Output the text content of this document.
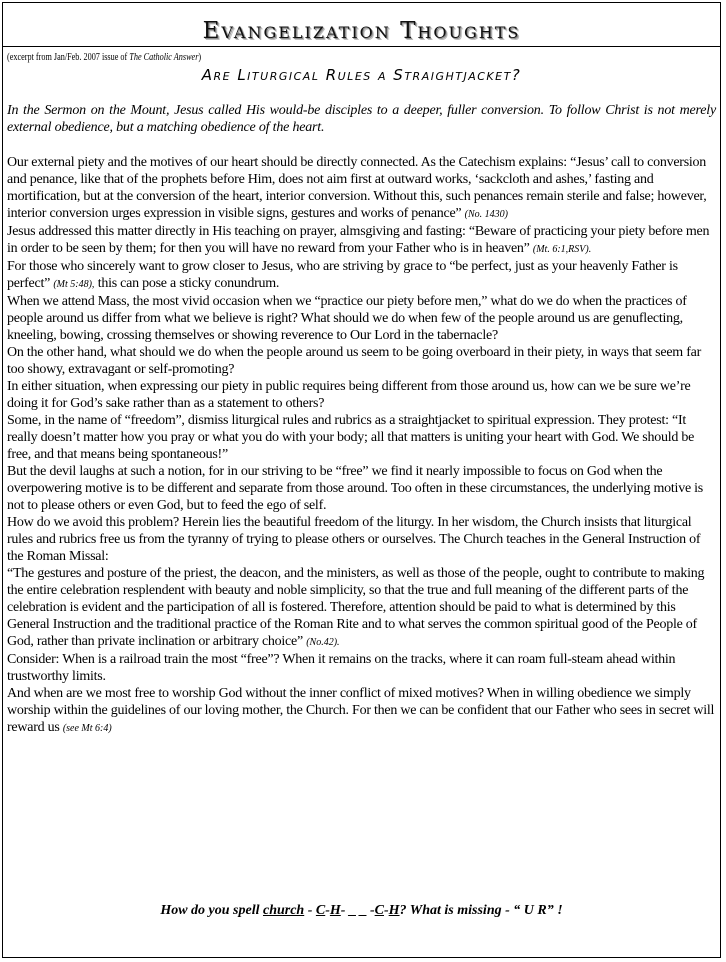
Evangelization Thoughts
(excerpt from Jan/Feb. 2007 issue of The Catholic Answer)
Are Liturgical Rules a Straightjacket?

In the Sermon on the Mount, Jesus called His would-be disciples to a deeper, fuller conversion. To follow Christ is not merely external obedience, but a matching obedience of the heart.

Our external piety and the motives of our heart should be directly connected. As the Catechism explains: “Jesus’ call to conversion and penance, like that of the prophets before Him, does not aim first at outward works, ‘sackcloth and ashes,’ fasting and mortification, but at the conversion of the heart, interior conversion. Without this, such penances remain sterile and false; however, interior conversion urges expression in visible signs, gestures and works of penance” (No. 1430)

Jesus addressed this matter directly in His teaching on prayer, almsgiving and fasting: “Beware of practicing your piety before men in order to be seen by them; for then you will have no reward from your Father who is in heaven” (Mt. 6:1,RSV).

For those who sincerely want to grow closer to Jesus, who are striving by grace to “be perfect, just as your heavenly Father is perfect” (Mt 5:48), this can pose a sticky conundrum.

When we attend Mass, the most vivid occasion when we “practice our piety before men,” what do we do when the practices of people around us differ from what we believe is right? What should we do when few of the people around us are genuflecting, kneeling, bowing, crossing themselves or showing reverence to Our Lord in the tabernacle?

On the other hand, what should we do when the people around us seem to be going overboard in their piety, in ways that seem far too showy, extravagant or self-promoting?

In either situation, when expressing our piety in public requires being different from those around us, how can we be sure we’re doing it for God’s sake rather than as a statement to others?

Some, in the name of “freedom”, dismiss liturgical rules and rubrics as a straightjacket to spiritual expression. They protest: “It really doesn’t matter how you pray or what you do with your body; all that matters is uniting your heart with God. We should be free, and that means being spontaneous!”

But the devil laughs at such a notion, for in our striving to be “free” we find it nearly impossible to focus on God when the overpowering motive is to be different and separate from those around. Too often in these circumstances, the underlying motive is not to please others or even God, but to feed the ego of self.

How do we avoid this problem? Herein lies the beautiful freedom of the liturgy. In her wisdom, the Church insists that liturgical rules and rubrics free us from the tyranny of trying to please others or ourselves. The Church teaches in the General Instruction of the Roman Missal:

“The gestures and posture of the priest, the deacon, and the ministers, as well as those of the people, ought to contribute to making the entire celebration resplendent with beauty and noble simplicity, so that the true and full meaning of the different parts of the celebration is evident and the participation of all is fostered. Therefore, attention should be paid to what is determined by this General Instruction and the traditional practice of the Roman Rite and to what serves the common spiritual good of the People of God, rather than private inclination or arbitrary choice” (No.42).

Consider: When is a railroad train the most “free”? When it remains on the tracks, where it can roam full-steam ahead within trustworthy limits.

And when are we most free to worship God without the inner conflict of mixed motives? When in willing obedience we simply worship within the guidelines of our loving mother, the Church. For then we can be confident that our Father who sees in secret will reward us (see Mt 6:4)

How do you spell church - C-H- _ _ -C-H? What is missing - “ U R” !
